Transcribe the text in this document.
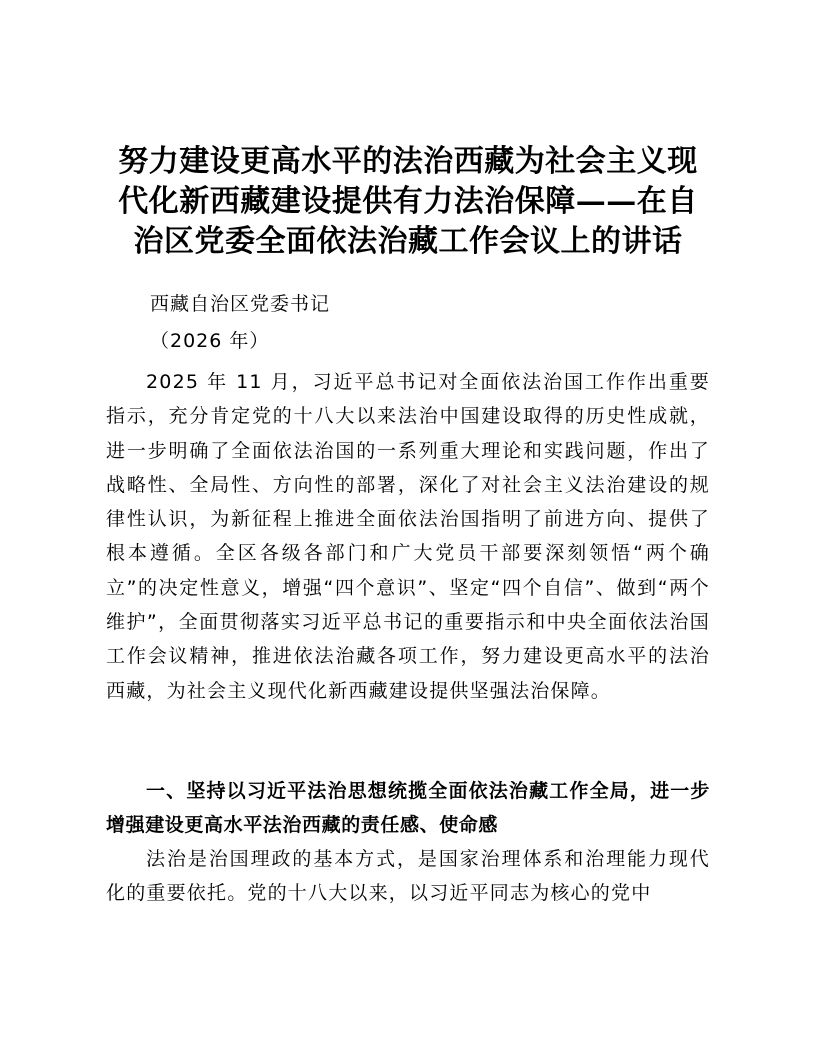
努力建设更高水平的法治西藏为社会主义现代化新西藏建设提供有力法治保障——在自治区党委全面依法治藏工作会议上的讲话
西藏自治区党委书记
（2026 年）

2025 年 11 月，习近平总书记对全面依法治国工作作出重要指示，充分肯定党的十八大以来法治中国建设取得的历史性成就，进一步明确了全面依法治国的一系列重大理论和实践问题，作出了战略性、全局性、方向性的部署，深化了对社会主义法治建设的规律性认识，为新征程上推进全面依法治国指明了前进方向、提供了根本遵循。全区各级各部门和广大党员干部要深刻领悟“两个确立”的决定性意义，增强“四个意识”、坚定“四个自信”、做到“两个维护”，全面贯彻落实习近平总书记的重要指示和中央全面依法治国工作会议精神，推进依法治藏各项工作，努力建设更高水平的法治西藏，为社会主义现代化新西藏建设提供坚强法治保障。

一、坚持以习近平法治思想统揽全面依法治藏工作全局，进一步增强建设更高水平法治西藏的责任感、使命感

法治是治国理政的基本方式，是国家治理体系和治理能力现代化的重要依托。党的十八大以来，以习近平同志为核心的党中
